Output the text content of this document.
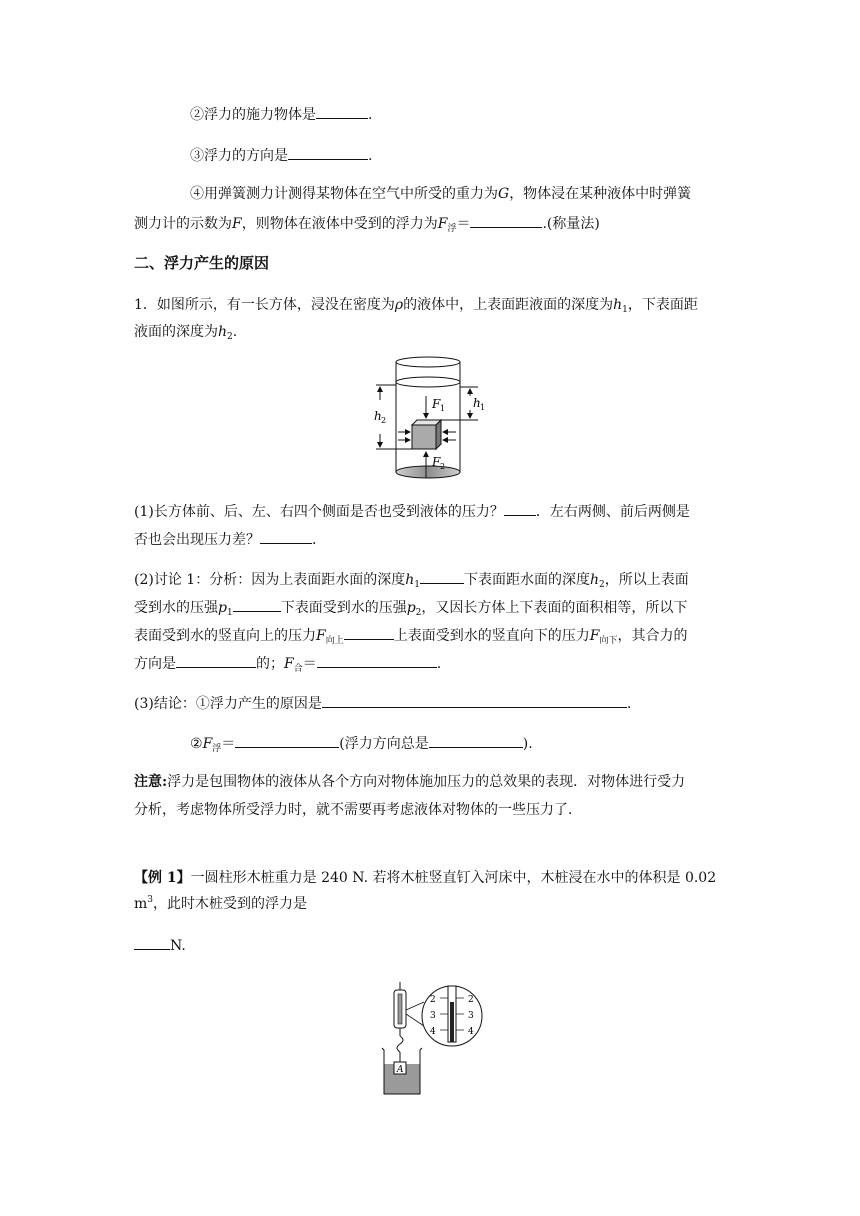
②浮力的施力物体是	.
③浮力的方向是	.
④用弹簧测力计测得某物体在空气中所受的重力为G，物体浸在某种液体中时弹簧
测力计的示数为F，则物体在液体中受到的浮力为$F_浮=$	.(称量法)
二、浮力产生的原因
1．如图所示，有一长方体，浸没在密度为ρ的液体中，上表面距液面的深度为$h_1$，下表面距
液面的深度为$h_2$.
F 1
F 2
h 2
h 1
(1)长方体前、后、左、右四个侧面是否也受到液体的压力？ ．左右两侧、前后两侧是
否也会出现压力差？	．
(2)讨论 1：分析：因为上表面距水面的深度$h_1$	下表面距水面的深度$h_2$，所以上表面
受到水的压强$p_1$	下表面受到水的压强$p_2$，又因长方体上下表面的面积相等，所以下
表面受到水的竖直向上的压力$F_{向上}$	上表面受到水的竖直向下的压力$F_{向下}$，其合力的
方向是	的；$F_合=$	.
(3)结论：①浮力产生的原因是	.
$②F_浮=$	(浮力方向总是	).
注意:浮力是包围物体的液体从各个方向对物体施加压力的总效果的表现．对物体进行受力
分析，考虑物体所受浮力时，就不需要再考虑液体对物体的一些压力了．
【例 1】一圆柱形木桩重力是 240 N. 若将木桩竖直钉入河床中，木桩浸在水中的体积是 0.02
$m^3$，此时木桩受到的浮力是
N.
2	2
3	3
4	4
A
